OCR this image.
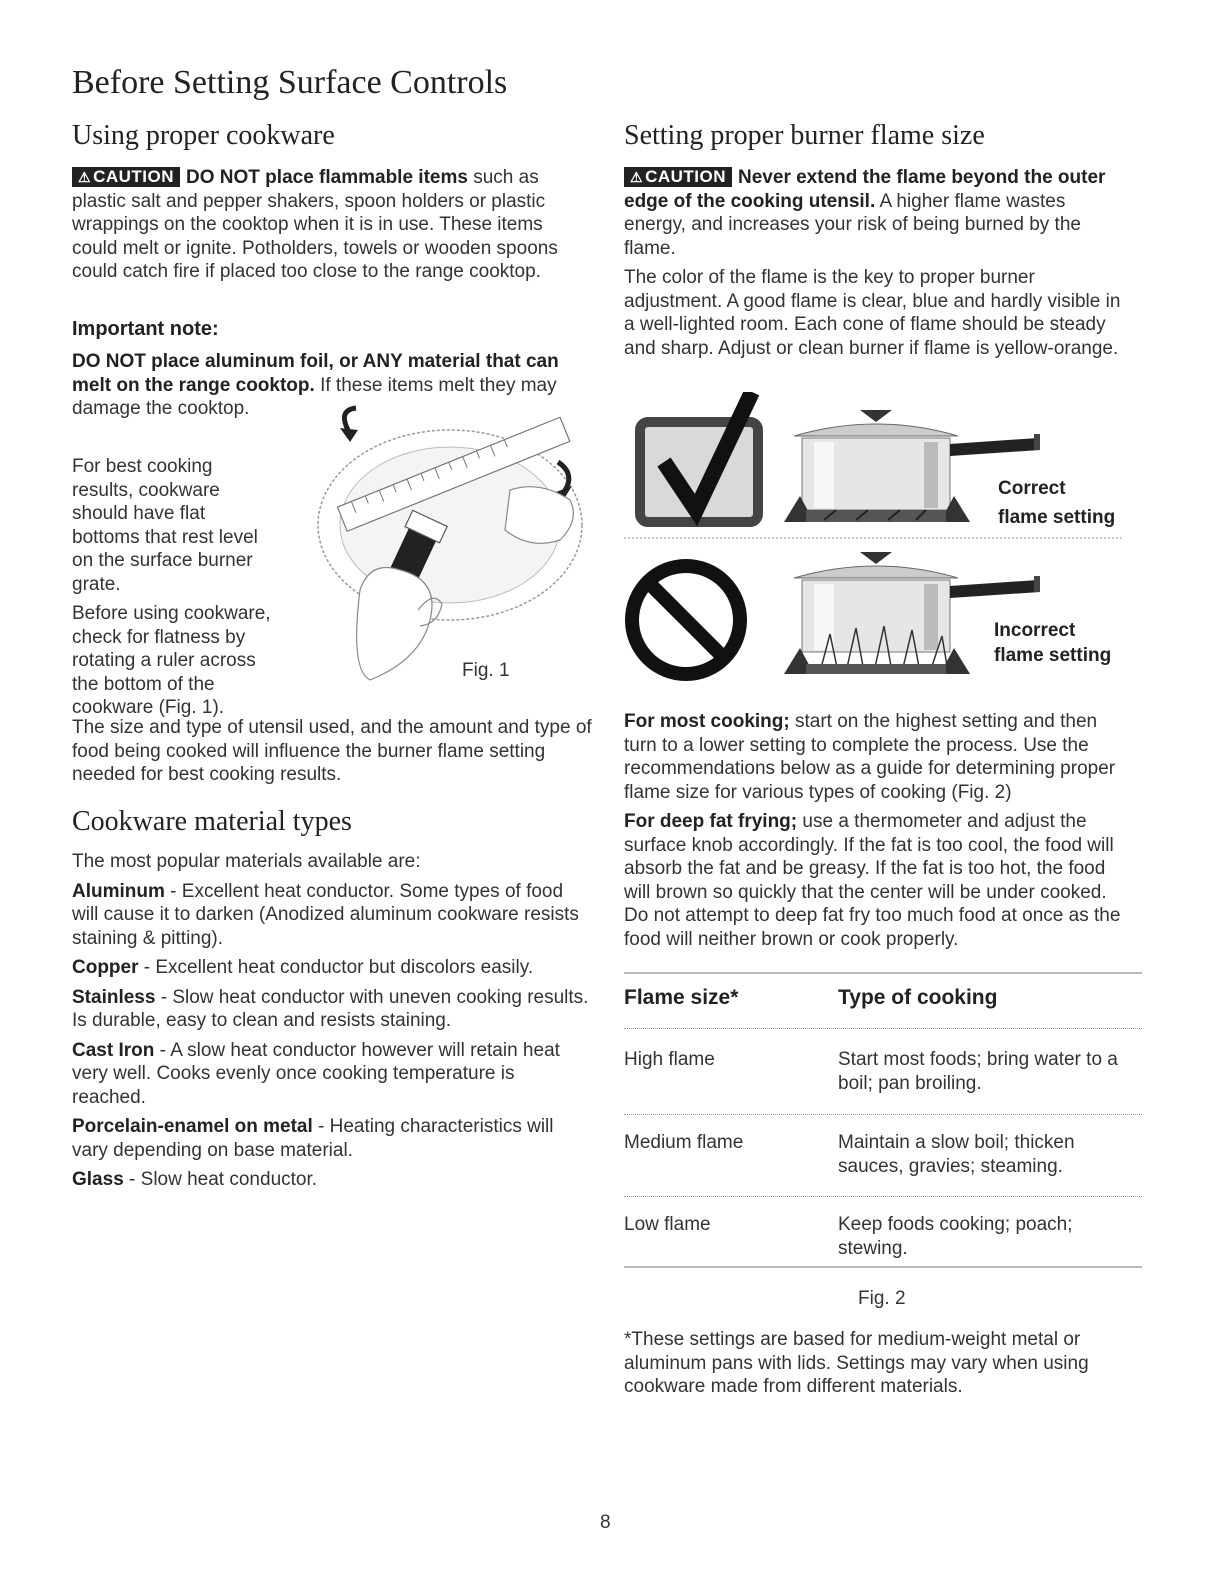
Before Setting Surface Controls
Using proper cookware

⚠ CAUTION DO NOT place flammable items such as plastic salt and pepper shakers, spoon holders or plastic wrappings on the cooktop when it is in use. These items could melt or ignite. Potholders, towels or wooden spoons could catch fire if placed too close to the range cooktop.

Important note:

DO NOT place aluminum foil, or ANY material that can melt on the range cooktop. If these items melt they may damage the cooktop.

For best cooking results, cookware should have flat bottoms that rest level on the surface burner grate.

Before using cookware, check for flatness by rotating a ruler across the bottom of the cookware (Fig. 1).

Fig. 1
The size and type of utensil used, and the amount and type of food being cooked will influence the burner flame setting needed for best cooking results.
Cookware material types

The most popular materials available are:

Aluminum - Excellent heat conductor. Some types of food will cause it to darken (Anodized aluminum cookware resists staining & pitting).

Copper - Excellent heat conductor but discolors easily.

Stainless - Slow heat conductor with uneven cooking results. Is durable, easy to clean and resists staining.

Cast Iron - A slow heat conductor however will retain heat very well. Cooks evenly once cooking temperature is reached.

Porcelain-enamel on metal - Heating characteristics will vary depending on base material.

Glass - Slow heat conductor.

Setting proper burner flame size

⚠ CAUTION Never extend the flame beyond the outer edge of the cooking utensil. A higher flame wastes energy, and increases your risk of being burned by the flame.

The color of the flame is the key to proper burner adjustment. A good flame is clear, blue and hardly visible in a well-lighted room. Each cone of flame should be steady and sharp. Adjust or clean burner if flame is yellow-orange.

Correct
flame setting
Incorrect
flame setting

For most cooking; start on the highest setting and then turn to a lower setting to complete the process. Use the recommendations below as a guide for determining proper flame size for various types of cooking (Fig. 2)

For deep fat frying; use a thermometer and adjust the surface knob accordingly. If the fat is too cool, the food will absorb the fat and be greasy. If the fat is too hot, the food will brown so quickly that the center will be under cooked. Do not attempt to deep fat fry too much food at once as the food will neither brown or cook properly.

Flame size*	Type of cooking
High flame	Start most foods; bring water to a boil; pan broiling.
Medium flame	Maintain a slow boil; thicken sauces, gravies; steaming.
Low flame	Keep foods cooking; poach; stewing.
Fig. 2
*These settings are based for medium-weight metal or aluminum pans with lids. Settings may vary when using cookware made from different materials.
8
